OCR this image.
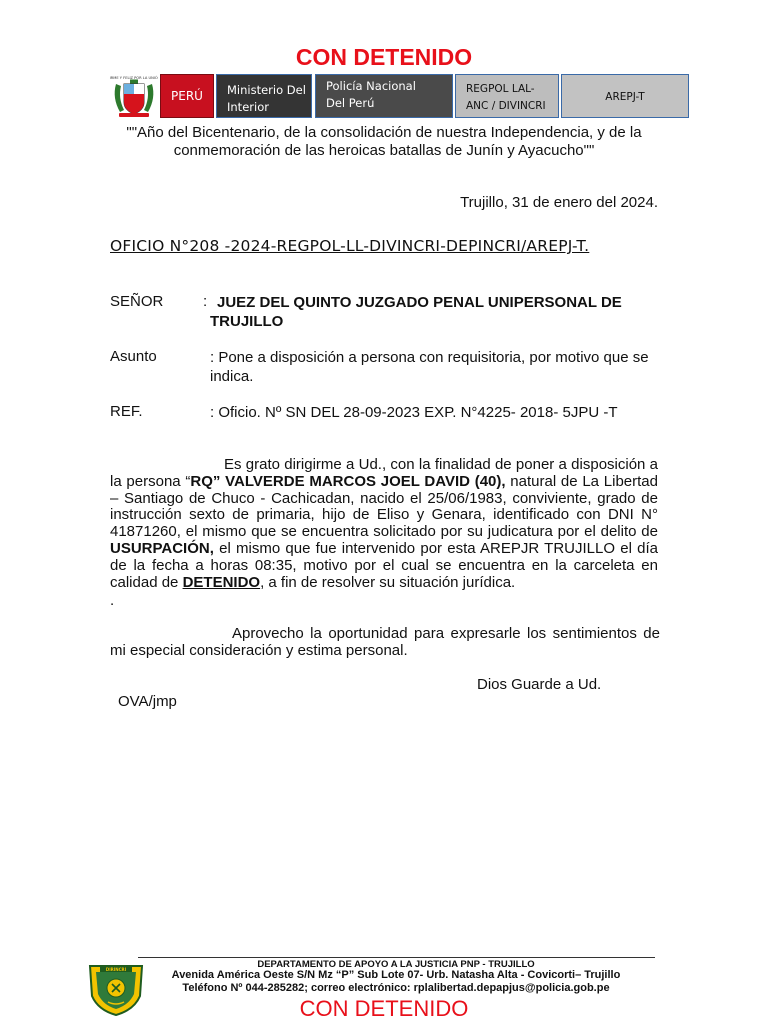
CON DETENIDO
FIRME Y FELIZ POR LA UNIÓN
PERÚ	Ministerio Del
Interior
Policía Nacional
Del Perú
REGPOL LAL-
ANC / DIVINCRI
AREPJ-T
""Año del Bicentenario, de la consolidación de nuestra Independencia, y de la
conmemoración de las heroicas batallas de Junín y Ayacucho""
Trujillo, 31 de enero del 2024.
OFICIO N°208 -2024-REGPOL-LL-DIVINCRI-DEPINCRI/AREPJ-T.
SEÑOR	: JUEZ DEL QUINTO JUZGADO PENAL UNIPERSONAL DE
TRUJILLO
Asunto	: Pone a disposición a persona con requisitoria, por motivo que se indica.
REF.	: Oficio. Nº SN DEL 28-09-2023 EXP. N°4225- 2018- 5JPU -T
Es grato dirigirme a Ud., con la finalidad de poner a disposición a la persona “RQ” VALVERDE MARCOS JOEL DAVID (40), natural de La Libertad – Santiago de Chuco - Cachicadan, nacido el 25/06/1983, conviviente, grado de instrucción sexto de primaria, hijo de Eliso y Genara, identificado con DNI N° 41871260, el mismo que se encuentra solicitado por su judicatura por el delito de USURPACIÓN, el mismo que fue intervenido por esta AREPJR TRUJILLO el día de la fecha a horas 08:35, motivo por el cual se encuentra en la carceleta en calidad de DETENIDO, a fin de resolver su situación jurídica.
.
Aprovecho la oportunidad para expresarle los sentimientos de mi especial consideración y estima personal.
Dios Guarde a Ud.
OVA/jmp
DIRINCRI	DEPARTAMENTO DE APOYO A LA JUSTICIA PNP - TRUJILLO
Avenida América Oeste S/N Mz “P” Sub Lote 07- Urb. Natasha Alta - Covicorti– Trujillo
Teléfono Nº 044-285282; correo electrónico: rplalibertad.depapjus@policia.gob.pe
CON DETENIDO
